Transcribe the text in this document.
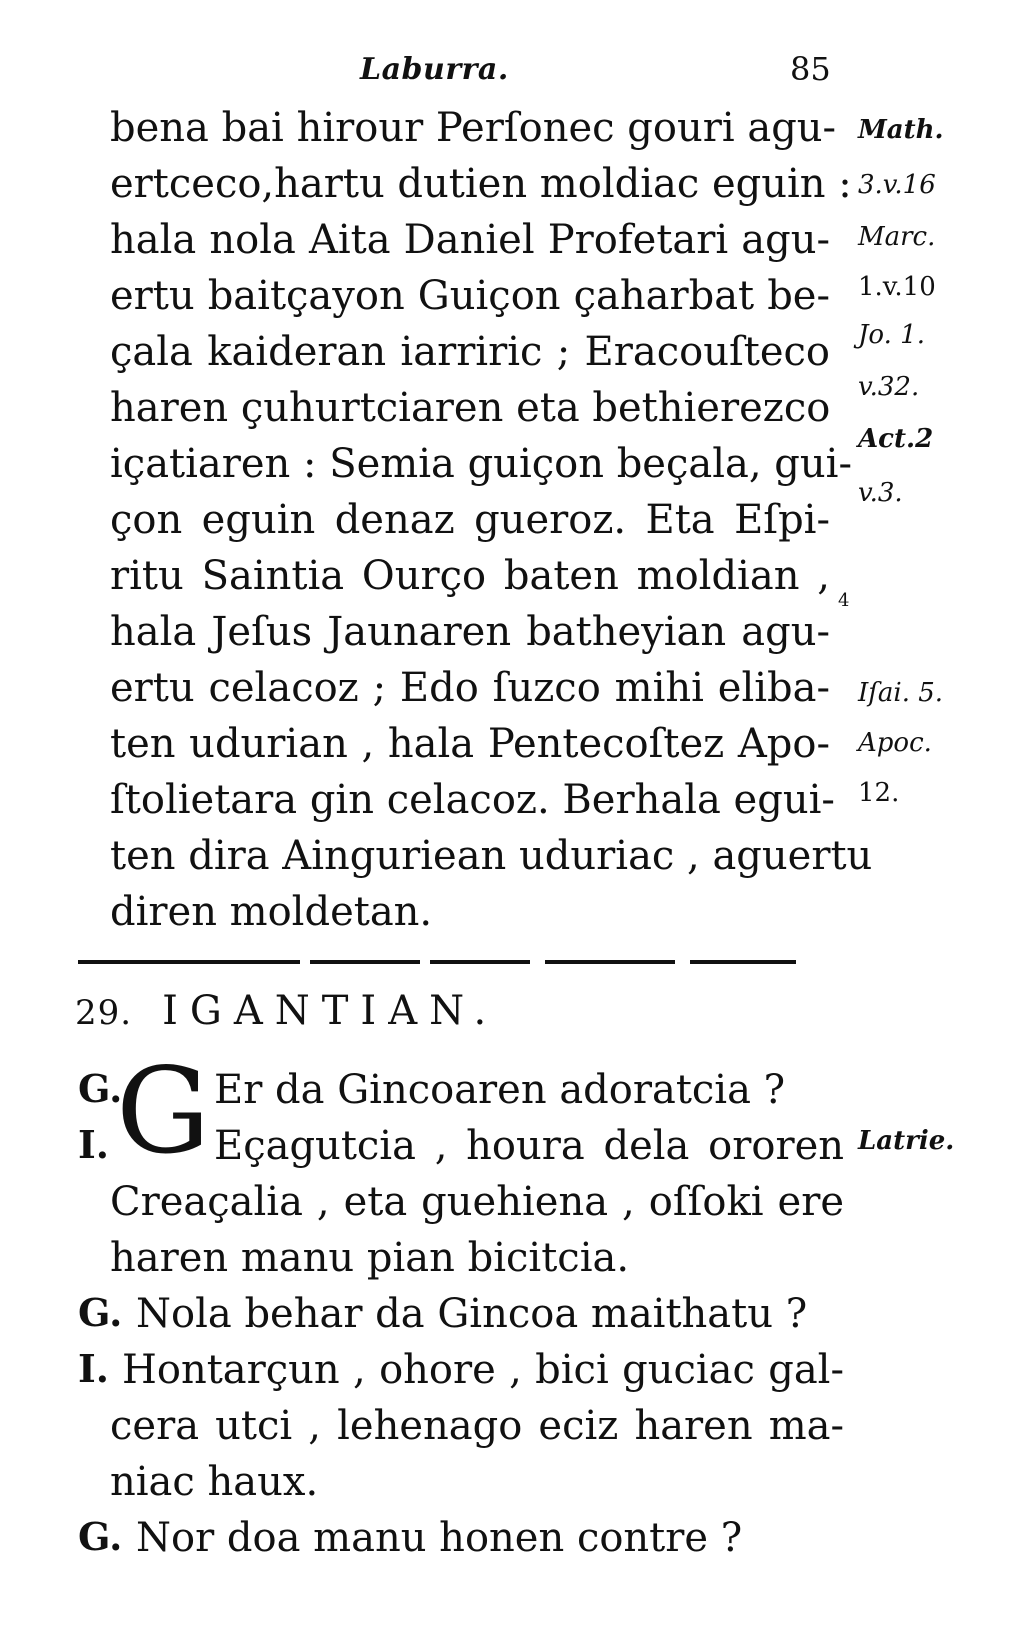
Laburra.	85
bena bai hirour Perſonec gouri agu-
ertceco,hartu dutien moldiac eguin :
hala nola Aita Daniel Profetari agu-
ertu baitçayon Guiçon çaharbat be-
çala kaideran iarriric ; Eracouſteco
haren çuhurtciaren eta bethierezco
içatiaren : Semia guiçon beçala, gui-
çon eguin denaz gueroz. Eta Eſpi-
ritu Saintia Ourço baten moldian ,
hala Jeſus Jaunaren batheyian agu-
ertu celacoz ; Edo ſuzco mihi eliba-
ten udurian , hala Pentecoſtez Apo-
ſtolietara gin celacoz. Berhala egui-
ten dira Ainguriean uduriac , aguertu
diren moldetan.
Math.
3.v.16
Marc.
1.v.10
Jo. 1.
v.32.
Act.2
v.3.
4
Iſai. 5.
Apoc.
12.
Latrie.
29. IGANTIAN.
G.
G Er da Gincoaren adoratcia ?
I.	Eçagutcia , houra dela ororen
Creaçalia , eta guehiena , oſſoki ere
haren manu pian bicitcia.
G. Nola behar da Gincoa maithatu ?
I. Hontarçun , ohore , bici guciac gal-
cera utci , lehenago eciz haren ma-
niac haux.
G. Nor doa manu honen contre ?
